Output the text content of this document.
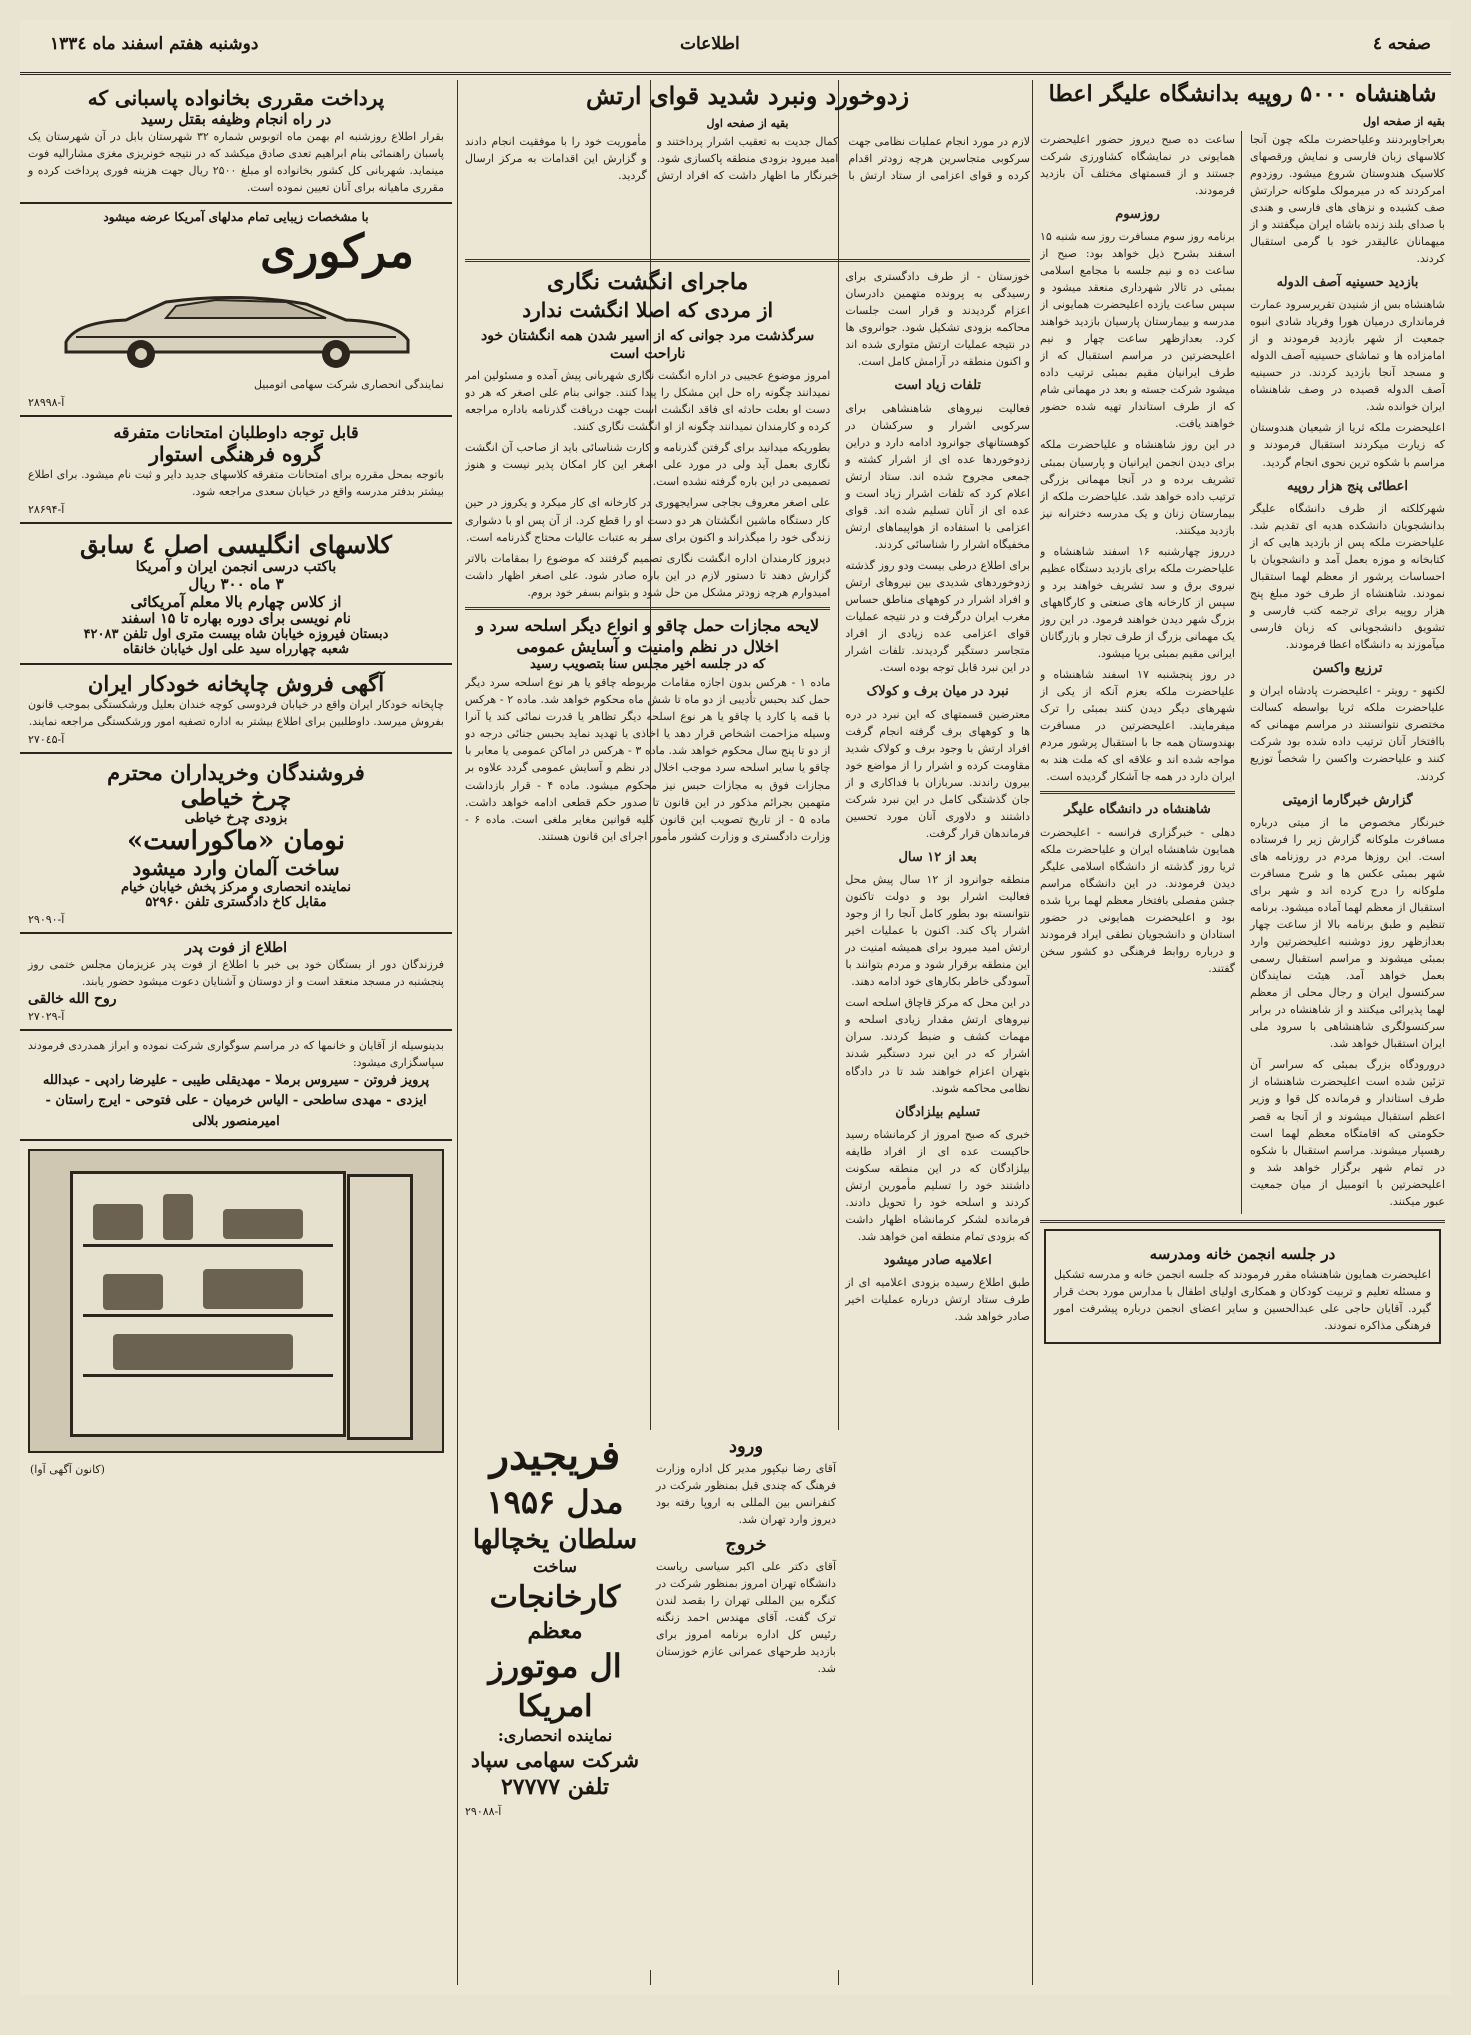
صفحه ٤
اطلاعات
دوشنبه هفتم اسفند ماه ۱۳۳٤
شاهنشاه ۵۰۰۰ روپیه بدانشگاه علیگر اعطا
بقیه از صفحه اول

بعراجاوبردنند وعلیاحضرت ملکه چون آنجا کلاسهای زبان فارسی و نمایش ورقصهای کلاسیک هندوستان شروع میشود. روزدوم امرکردند که در میرمولک ملوکانه حرارتش صف کشیده و نزهای های فارسی و هندی با صدای بلند زنده باشاه ایران میگفتند و از میهمانان عالیقدر خود با گرمی استقبال کردند.

بازدید حسینیه آصف الدوله

شاهنشاه بس از شنیدن تقریرسرود عمارت فرمانداری درمیان هورا وفریاد شادی انبوه جمعیت از شهر بازدید فرمودند و از امامزاده ها و تماشای حسینیه آصف الدوله و مسجد آنجا بازدید کردند. در حسینیه آصف الدوله قصیده در وصف شاهنشاه ایران خوانده شد.

اعلیحضرت ملکه ثریا از شیعیان هندوستان که زیارت میکردند استقبال فرمودند و مراسم با شکوه ترین نحوی انجام گردید.

اعطائی پنج هزار روپیه

شهرکلکته از ظرف دانشگاه علیگر بدانشجویان دانشکده هدیه ای تقدیم شد. علیاحضرت ملکه پس از بازدید هایی که از کتابخانه و موزه بعمل آمد و دانشجویان با احساسات پرشور از معظم لهما استقبال نمودند. شاهنشاه از طرف خود مبلغ پنج هزار روپیه برای ترجمه کتب فارسی و تشویق دانشجویانی که زبان فارسی میآموزند به دانشگاه اعطا فرمودند.

ترزیع واکسن

لکنهو - رویتر - اعلیحضرت پادشاه ایران و علیاحضرت ملکه ثریا بواسطه کسالت مختصری نتوانستند در مراسم مهمانی که باافتخار آنان ترتیب داده شده بود شرکت کنند و علیاحضرت واکسن را شخصاً توزیع کردند.

گزارش خبرگارما ازمیتی

خبرنگار مخصوص ما از میتی درباره مسافرت ملوکانه گزارش زیر را فرستاده است. این روزها مردم در روزنامه های شهر بمبئی عکس ها و شرح مسافرت ملوکانه را درج کرده اند و شهر برای استقبال از معظم لهما آماده میشود. برنامه تنظیم و طبق برنامه بالا از ساعت چهار بعدازظهر روز دوشنبه اعلیحضرتین وارد بمبئی میشوند و مراسم استقبال رسمی بعمل خواهد آمد. هیئت نمایندگان سرکنسول ایران و رجال محلی از معظم لهما پذیرائی میکنند و از شاهنشاه در برابر سرکنسولگری شاهنشاهی با سرود ملی ایران استقبال خواهد شد.

درورودگاه بزرگ بمبئی که سراسر آن تزئین شده است اعلیحضرت شاهنشاه از طرف استاندار و فرمانده کل قوا و وزیر اعظم استقبال میشوند و از آنجا به قصر حکومتی که اقامتگاه معظم لهما است رهسپار میشوند. مراسم استقبال با شکوه در تمام شهر برگزار خواهد شد و اعلیحضرتین با اتومبیل از میان جمعیت عبور میکنند.

ساعت ده صبح دیروز حضور اعلیحضرت همایونی در نمایشگاه کشاورزی شرکت جستند و از قسمتهای مختلف آن بازدید فرمودند.

روزسوم

برنامه روز سوم مسافرت روز سه شنبه ۱۵ اسفند بشرح ذیل خواهد بود: صبح از ساعت ده و نیم جلسه با مجامع اسلامی بمبئی در تالار شهرداری منعقد میشود و سپس ساعت یازده اعلیحضرت همایونی از مدرسه و بیمارستان پارسیان بازدید خواهند کرد. بعدازظهر ساعت چهار و نیم اعلیحضرتین در مراسم استقبال که از طرف ایرانیان مقیم بمبئی ترتیب داده میشود شرکت جسته و بعد در مهمانی شام که از طرف استاندار تهیه شده حضور خواهند یافت.

در این روز شاهنشاه و علیاحضرت ملکه برای دیدن انجمن ایرانیان و پارسیان بمبئی تشریف برده و در آنجا مهمانی بزرگی ترتیب داده خواهد شد. علیاحضرت ملکه از بیمارستان زنان و یک مدرسه دخترانه نیز بازدید میکنند.

درروز چهارشنبه ۱۶ اسفند شاهنشاه و علیاحضرت ملکه برای بازدید دستگاه عظیم نیروی برق و سد تشریف خواهند برد و سپس از کارخانه های صنعتی و کارگاههای بزرگ شهر دیدن خواهند فرمود. در این روز یک مهمانی بزرگ از طرف تجار و بازرگانان ایرانی مقیم بمبئی برپا میشود.

در روز پنجشنبه ۱۷ اسفند شاهنشاه و علیاحضرت ملکه بعزم آنکه از یکی از شهرهای دیگر دیدن کنند بمبئی را ترک میفرمایند. اعلیحضرتین در مسافرت بهندوستان همه جا با استقبال پرشور مردم مواجه شده اند و علاقه ای که ملت هند به ایران دارد در همه جا آشکار گردیده است.

شاهنشاه در دانشگاه علیگر

دهلی - خبرگزاری فرانسه - اعلیحضرت همایون شاهنشاه ایران و علیاحضرت ملکه ثریا روز گذشته از دانشگاه اسلامی علیگر دیدن فرمودند. در این دانشگاه مراسم جشن مفصلی بافتخار معظم لهما برپا شده بود و اعلیحضرت همایونی در حضور استادان و دانشجویان نطقی ایراد فرمودند و درباره روابط فرهنگی دو کشور سخن گفتند.

در جلسه انجمن خانه ومدرسه
اعلیحضرت همایون شاهنشاه مقرر فرمودند که جلسه انجمن خانه و مدرسه تشکیل و مسئله تعلیم و تربیت کودکان و همکاری اولیای اطفال با مدارس مورد بحث قرار گیرد. آقایان حاجی علی عبدالحسین و سایر اعضای انجمن درباره پیشرفت امور فرهنگی مذاکره نمودند.
زدوخورد ونبرد شدید قوای ارتش
بقیه از صفحه اول
لازم در مورد انجام عملیات نظامی جهت سرکوبی متجاسرین هرچه زودتر اقدام کرده و قوای اعزامی از ستاد ارتش با کمال جدیت به تعقیب اشرار پرداختند و امید میرود بزودی منطقه پاکسازی شود. خبرنگار ما اظهار داشت که افراد ارتش مأموریت خود را با موفقیت انجام دادند و گزارش این اقدامات به مرکز ارسال گردید.
ماجرای انگشت نگاری
از مردی که اصلا انگشت ندارد
سرگذشت مرد جوانی که از اسیر شدن همه انگشتان خود ناراحت است

امروز موضوع عجیبی در اداره انگشت نگاری شهربانی پیش آمده و مسئولین امر نمیدانند چگونه راه حل این مشکل را پیدا کنند. جوانی بنام علی اصغر که هر دو دست او بعلت حادثه ای فاقد انگشت است جهت دریافت گذرنامه باداره مراجعه کرده و کارمندان نمیدانند چگونه از او انگشت نگاری کنند.

بطوریکه میدانید برای گرفتن گذرنامه و کارت شناسائی باید از صاحب آن انگشت نگاری بعمل آید ولی در مورد علی اصغر این کار امکان پذیر نیست و هنوز تصمیمی در این باره گرفته نشده است.

علی اصغر معروف بجاجی سرایجهوری در کارخانه ای کار میکرد و یکروز در حین کار دستگاه ماشین انگشتان هر دو دست او را قطع کرد. از آن پس او با دشواری زندگی خود را میگذراند و اکنون برای سفر به عتبات عالیات محتاج گذرنامه است.

دیروز کارمندان اداره انگشت نگاری تصمیم گرفتند که موضوع را بمقامات بالاتر گزارش دهند تا دستور لازم در این باره صادر شود. علی اصغر اظهار داشت امیدوارم هرچه زودتر مشکل من حل شود و بتوانم بسفر خود بروم.

لایحه مجازات حمل چاقو و انواع دیگر اسلحه سرد و اخلال در نظم وامنیت و آسایش عمومی
که در جلسه اخیر مجلس سنا بتصویب رسید
ماده ۱ - هرکس بدون اجازه مقامات مربوطه چاقو یا هر نوع اسلحه سرد دیگر حمل کند بحبس تأدیبی از دو ماه تا شش ماه محکوم خواهد شد. ماده ۲ - هرکس با قمه یا کارد یا چاقو یا هر نوع اسلحه دیگر تظاهر یا قدرت نمائی کند یا آنرا وسیله مزاحمت اشخاص قرار دهد یا اخاذی یا تهدید نماید بحبس جنائی درجه دو از دو تا پنج سال محکوم خواهد شد. ماده ۳ - هرکس در اماکن عمومی یا معابر با چاقو یا سایر اسلحه سرد موجب اخلال در نظم و آسایش عمومی گردد علاوه بر مجازات فوق به مجازات حبس نیز محکوم میشود. ماده ۴ - قرار بازداشت متهمین بجرائم مذکور در این قانون تا صدور حکم قطعی ادامه خواهد داشت. ماده ۵ - از تاریخ تصویب این قانون کلیه قوانین مغایر ملغی است. ماده ۶ - وزارت دادگستری و وزارت کشور مأمور اجرای این قانون هستند.

خوزستان - از طرف دادگستری برای رسیدگی به پرونده متهمین دادرسان اعزام گردیدند و قرار است جلسات محاکمه بزودی تشکیل شود. جوانروی ها در نتیجه عملیات ارتش متواری شده اند و اکنون منطقه در آرامش کامل است.

تلفات زیاد است

فعالیت نیروهای شاهنشاهی برای سرکوبی اشرار و سرکشان در کوهستانهای جوانرود ادامه دارد و دراین زدوخوردها عده ای از اشرار کشته و جمعی مجروح شده اند. ستاد ارتش اعلام کرد که تلفات اشرار زیاد است و عده ای از آنان تسلیم شده اند. قوای اعزامی با استفاده از هواپیماهای ارتش مخفیگاه اشرار را شناسائی کردند.

برای اطلاع درطی بیست ودو روز گذشته زدوخوردهای شدیدی بین نیروهای ارتش و افراد اشرار در کوههای مناطق حساس مغرب ایران درگرفت و در نتیجه عملیات قوای اعزامی عده زیادی از افراد متجاسر دستگیر گردیدند. تلفات اشرار در این نبرد قابل توجه بوده است.

نبرد در میان برف و کولاک

معترضین قسمتهای که این نبرد در دره ها و کوههای برف گرفته انجام گرفت افراد ارتش با وجود برف و کولاک شدید مقاومت کرده و اشرار را از مواضع خود بیرون راندند. سربازان با فداکاری و از جان گذشتگی کامل در این نبرد شرکت داشتند و دلاوری آنان مورد تحسین فرماندهان قرار گرفت.

بعد از ۱۲ سال

منطقه جوانرود از ۱۲ سال پیش محل فعالیت اشرار بود و دولت تاکنون نتوانسته بود بطور کامل آنجا را از وجود اشرار پاک کند. اکنون با عملیات اخیر ارتش امید میرود برای همیشه امنیت در این منطقه برقرار شود و مردم بتوانند با آسودگی خاطر بکارهای خود ادامه دهند.

در این محل که مرکز قاچاق اسلحه است نیروهای ارتش مقدار زیادی اسلحه و مهمات کشف و ضبط کردند. سران اشرار که در این نبرد دستگیر شدند بتهران اعزام خواهند شد تا در دادگاه نظامی محاکمه شوند.

تسلیم بیلزادگان

خبری که صبح امروز از کرمانشاه رسید حاکیست عده ای از افراد طایفه بیلزادگان که در این منطقه سکونت داشتند خود را تسلیم مأمورین ارتش کردند و اسلحه خود را تحویل دادند. فرمانده لشکر کرمانشاه اظهار داشت که بزودی تمام منطقه امن خواهد شد.

اعلامیه صادر میشود

طبق اطلاع رسیده بزودی اعلامیه ای از طرف ستاد ارتش درباره عملیات اخیر صادر خواهد شد.

ورود
آقای رضا نیکپور مدیر کل اداره وزارت فرهنگ که چندی قبل بمنظور شرکت در کنفرانس بین المللی به اروپا رفته بود دیروز وارد تهران شد.
خروج
آقای دکتر علی اکبر سیاسی ریاست دانشگاه تهران امروز بمنظور شرکت در کنگره بین المللی تهران را بقصد لندن ترک گفت. آقای مهندس احمد زنگنه رئیس کل اداره برنامه امروز برای بازدید طرحهای عمرانی عازم خوزستان شد.
فریجیدر
مدل ۱۹۵۶
سلطان یخچالها
ساخت
کارخانجات
معظم
ال موتورز
امریکا
نماینده انحصاری:
شرکت سهامی سپاد
تلفن ۲۷۷۷۷
آ-۲۹۰۸۸
پرداخت مقرری بخانواده پاسبانی که
در راه انجام وظیفه بقتل رسید
بقرار اطلاع روزشنبه ام بهمن ماه اتوبوس شماره ۳۲ شهرستان بابل در آن شهرستان یک پاسبان راهنمائی بنام ابراهیم تعدی صادق میکشد که در نتیجه خونریزی مغزی مشارالیه فوت مینماید. شهربانی کل کشور بخانواده او مبلغ ۲۵۰۰ ریال جهت هزینه فوری پرداخت کرده و مقرری ماهیانه برای آنان تعیین نموده است.
با مشخصات زیبایی تمام مدلهای آمریکا عرضه میشود
مرکوری
نمایندگی انحصاری شرکت سهامی اتومبیل
آ-۲۸۹۹۸
قابل توجه داوطلبان امتحانات متفرقه
گروه فرهنگی استوار
باتوجه بمحل مقرره برای امتحانات متفرقه کلاسهای جدید دایر و ثبت نام میشود. برای اطلاع بیشتر بدفتر مدرسه واقع در خیابان سعدی مراجعه شود.
آ-۲۸۶۹۴
کلاسهای انگلیسی اصل ٤ سابق
باکتب درسی انجمن ایران و آمریکا
۳ ماه ۳۰۰ ریال
از کلاس چهارم بالا معلم آمریکائی
نام نویسی برای دوره بهاره تا ۱۵ اسفند
دبستان فیروزه خیابان شاه بیست متری اول تلفن ۴۲۰۸۳
شعبه چهارراه سید علی اول خیابان خانقاه
آگهی فروش چاپخانه خودکار ایران
چاپخانه خودکار ایران واقع در خیابان فردوسی کوچه خندان بعلیل ورشکستگی بموجب قانون بفروش میرسد. داوطلبین برای اطلاع بیشتر به اداره تصفیه امور ورشکستگی مراجعه نمایند.
آ-۲۷۰٤۵
فروشندگان وخریداران محترم
چرخ خیاطی
بزودی چرخ خیاطی
نومان «ماکوراست»
ساخت آلمان وارد میشود
نماینده انحصاری و مرکز پخش خیابان خیام
مقابل کاخ دادگستری تلفن ۵۲۹۶۰
آ-۲۹۰۹۰
اطلاع از فوت پدر
فرزندگان دور از بستگان خود بی خبر با اطلاع از فوت پدر عزیزمان مجلس ختمی روز پنجشنبه در مسجد منعقد است و از دوستان و آشنایان دعوت میشود حضور یابند.
روح الله خالقی
آ-۲۷۰۲۹
بدینوسیله از آقایان و خانمها که در مراسم سوگواری شرکت نموده و ابراز همدردی فرمودند سپاسگزاری میشود:
پرویز فروتن - سیروس برملا - مهدیقلی طیبی - علیرضا رادپی - عبدالله ایزدی - مهدی ساطحی - الیاس خرمیان - علی فتوحی - ایرج راستان - امیرمنصور بلالی
(کانون آگهی آوا)
